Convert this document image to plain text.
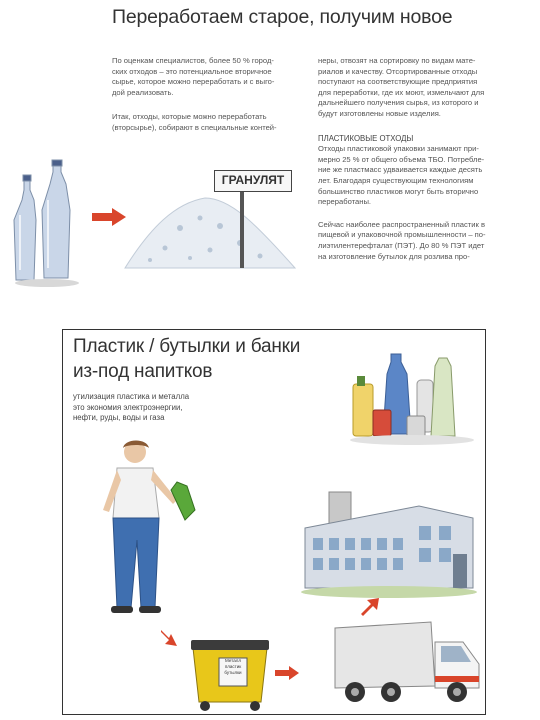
Переработаем старое, получим новое
По оценкам специалистов, более 50 % город-
ских отходов – это потенциальное вторичное
сырье, которое можно переработать и с выго-
дой реализовать.
Итак, отходы, которые можно переработать
(вторсырье), собирают в специальные контей-
неры, отвозят на сортировку по видам мате-
риалов и качеству. Отсортированные отходы
поступают на соответствующие предприятия
для переработки, где их моют, измельчают для
дальнейшего получения сырья, из которого и
будут изготовлены новые изделия.
ПЛАСТИКОВЫЕ ОТХОДЫ
Отходы пластиковой упаковки занимают при-
мерно 25 % от общего объема ТБО. Потребле-
ние же пластмасс удваивается каждые десять
лет. Благодаря существующим технологиям
большинство пластиков могут быть вторично
переработаны.
Сейчас наиболее распространенный пластик в
пищевой и упаковочной промышленности – по-
лиэтилентерефталат (ПЭТ). До 80 % ПЭТ идет
на изготовление бутылок для розлива про-
ГРАНУЛЯТ
Пластик / бутылки и банки
из-под напитков
утилизация пластика и металла
это экономия электроэнергии,
нефти, руды, воды и газа
Металл
пластик
бутылки
